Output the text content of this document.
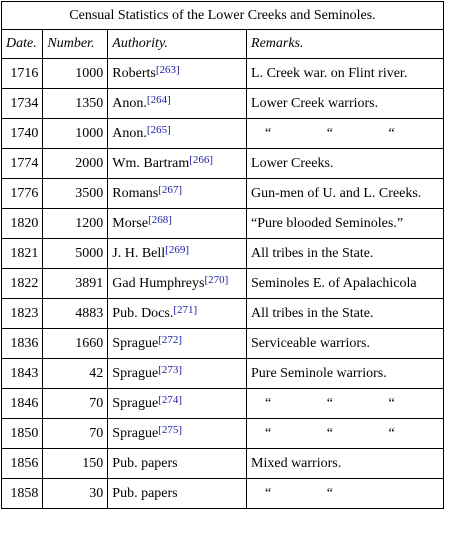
Censual Statistics of the Lower Creeks and Seminoles.			
Date.	Number.	Authority.	Remarks.
1716	1000	Roberts[263]	L. Creek war. on Flint river.
1734	1350	Anon.[264]	Lower Creek warriors.
1740	1000	Anon.[265]	“ “ “
1774	2000	Wm. Bartram[266]	Lower Creeks.
1776	3500	Romans[267]	Gun-men of U. and L. Creeks.
1820	1200	Morse[268]	“Pure blooded Seminoles.”
1821	5000	J. H. Bell[269]	All tribes in the State.
1822	3891	Gad Humphreys[270]	Seminoles E. of Apalachicola
1823	4883	Pub. Docs.[271]	All tribes in the State.
1836	1660	Sprague[272]	Serviceable warriors.
1843	42	Sprague[273]	Pure Seminole warriors.
1846	70	Sprague[274]	“ “ “
1850	70	Sprague[275]	“ “ “
1856	150	Pub. papers	Mixed warriors.
1858	30	Pub. papers	“ “
